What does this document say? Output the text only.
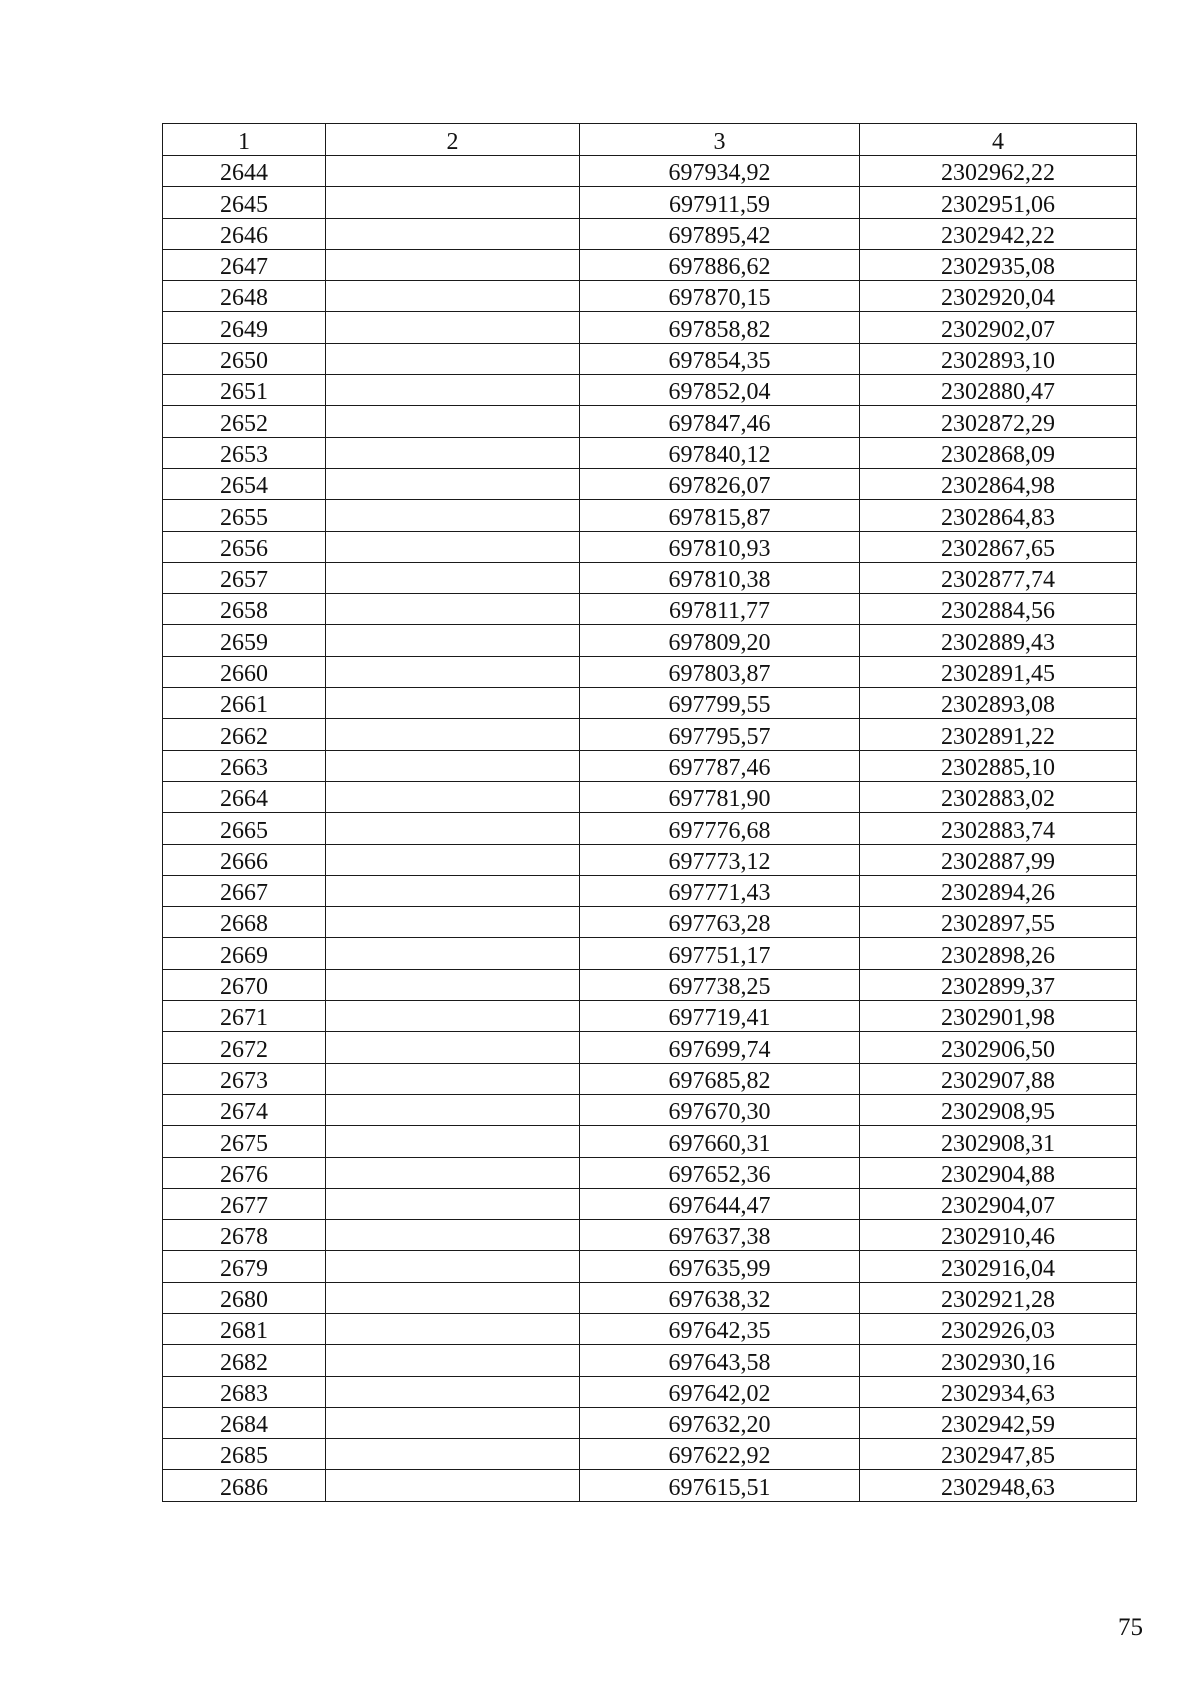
1	2	3	4
2644		697934,92	2302962,22
2645		697911,59	2302951,06
2646		697895,42	2302942,22
2647		697886,62	2302935,08
2648		697870,15	2302920,04
2649		697858,82	2302902,07
2650		697854,35	2302893,10
2651		697852,04	2302880,47
2652		697847,46	2302872,29
2653		697840,12	2302868,09
2654		697826,07	2302864,98
2655		697815,87	2302864,83
2656		697810,93	2302867,65
2657		697810,38	2302877,74
2658		697811,77	2302884,56
2659		697809,20	2302889,43
2660		697803,87	2302891,45
2661		697799,55	2302893,08
2662		697795,57	2302891,22
2663		697787,46	2302885,10
2664		697781,90	2302883,02
2665		697776,68	2302883,74
2666		697773,12	2302887,99
2667		697771,43	2302894,26
2668		697763,28	2302897,55
2669		697751,17	2302898,26
2670		697738,25	2302899,37
2671		697719,41	2302901,98
2672		697699,74	2302906,50
2673		697685,82	2302907,88
2674		697670,30	2302908,95
2675		697660,31	2302908,31
2676		697652,36	2302904,88
2677		697644,47	2302904,07
2678		697637,38	2302910,46
2679		697635,99	2302916,04
2680		697638,32	2302921,28
2681		697642,35	2302926,03
2682		697643,58	2302930,16
2683		697642,02	2302934,63
2684		697632,20	2302942,59
2685		697622,92	2302947,85
2686		697615,51	2302948,63
75
